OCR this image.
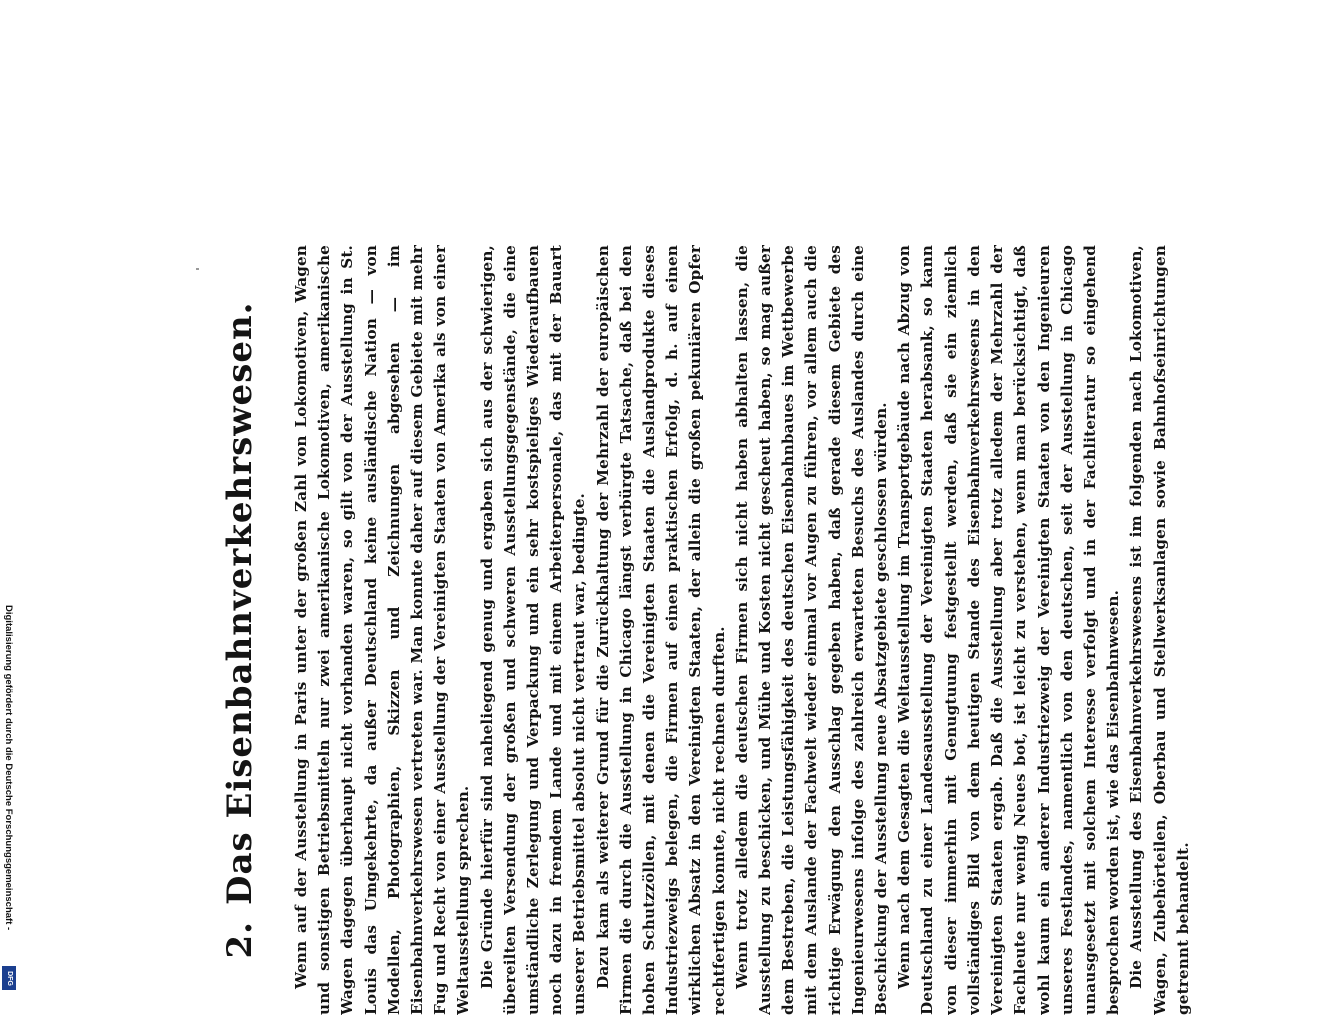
Digitalisierung gefördert durch die Deutsche Forschungsgemeinschaft -
DFG
2.Das Eisenbahnverkehrswesen. Wenn auf der Ausstellung in Paris unter der großen Zahl von Lokomotiven, Wagen und sonstigen Betriebsmitteln nur zwei amerikanische Lokomotiven, amerikanische Wagen dagegen überhaupt nicht vorhanden waren, so gilt von der Ausstellung in St. Louis das Umgekehrte, da außer Deutschland keine ausländische Nation — von Modellen, Photographien, Skizzen und Zeichnungen abgesehen — im Eisenbahnverkehrswesen vertreten war. Man konnte daher auf diesem Gebiete mit mehr Fug und Recht von einer Ausstellung der Vereinigten Staaten von Amerika als von einer Weltausstellung sprechen. Die Gründe hierfür sind naheliegend genug und ergaben sich aus der schwierigen, übereilten Versendung der großen und schweren Ausstellungsgegenstände, die eine umständliche Zerlegung und Verpackung und ein sehr kostspieliges Wiederaufbauen noch dazu in fremdem Lande und mit einem Arbeiterpersonale, das mit der Bauart unserer Betriebsmittel absolut nicht vertraut war, bedingte. Dazu kam als weiterer Grund für die Zurückhaltung der Mehrzahl der europäischen Firmen die durch die Ausstellung in Chicago längst verbürgte Tatsache, daß bei den hohen Schutzzöllen, mit denen die Vereinigten Staaten die Auslandprodukte dieses Industriezweigs belegen, die Firmen auf einen praktischen Erfolg, d. h. auf einen wirklichen Absatz in den Vereinigten Staaten, der allein die großen pekuniären Opfer rechtfertigen konnte, nicht rechnen durften. Wenn trotz alledem die deutschen Firmen sich nicht haben abhalten lassen, die Ausstellung zu beschicken, und Mühe und Kosten nicht gescheut haben, so mag außer dem Bestreben, die Leistungsfähigkeit des deutschen Eisenbahnbaues im Wettbewerbe mit dem Auslande der Fachwelt wieder einmal vor Augen zu führen, vor allem auch die richtige Erwägung den Ausschlag gegeben haben, daß gerade diesem Gebiete des Ingenieurwesens infolge des zahlreich erwarteten Besuchs des Auslandes durch eine Beschickung der Ausstellung neue Absatzgebiete geschlossen würden. Wenn nach dem Gesagten die Weltausstellung im Transportgebäude nach Abzug von Deutschland zu einer Landesausstellung der Vereinigten Staaten herabsank, so kann von dieser immerhin mit Genugtuung festgestellt werden, daß sie ein ziemlich vollständiges Bild von dem heutigen Stande des Eisenbahnverkehrswesens in den Vereinigten Staaten ergab. Daß die Ausstellung aber trotz alledem der Mehrzahl der Fachleute nur wenig Neues bot, ist leicht zu verstehen, wenn man berücksichtigt, daß wohl kaum ein anderer Industriezweig der Vereinigten Staaten von den Ingenieuren unseres Festlandes, namentlich von den deutschen, seit der Ausstellung in Chicago unausgesetzt mit solchem Interesse verfolgt und in der Fachliteratur so eingehend besprochen worden ist, wie das Eisenbahnwesen. Die Ausstellung des Eisenbahnverkehrswesens ist im folgenden nach Lokomotiven, Wagen, Zubehörteilen, Oberbau und Stellwerksanlagen sowie Bahnhofseinrichtungen getrennt behandelt.
